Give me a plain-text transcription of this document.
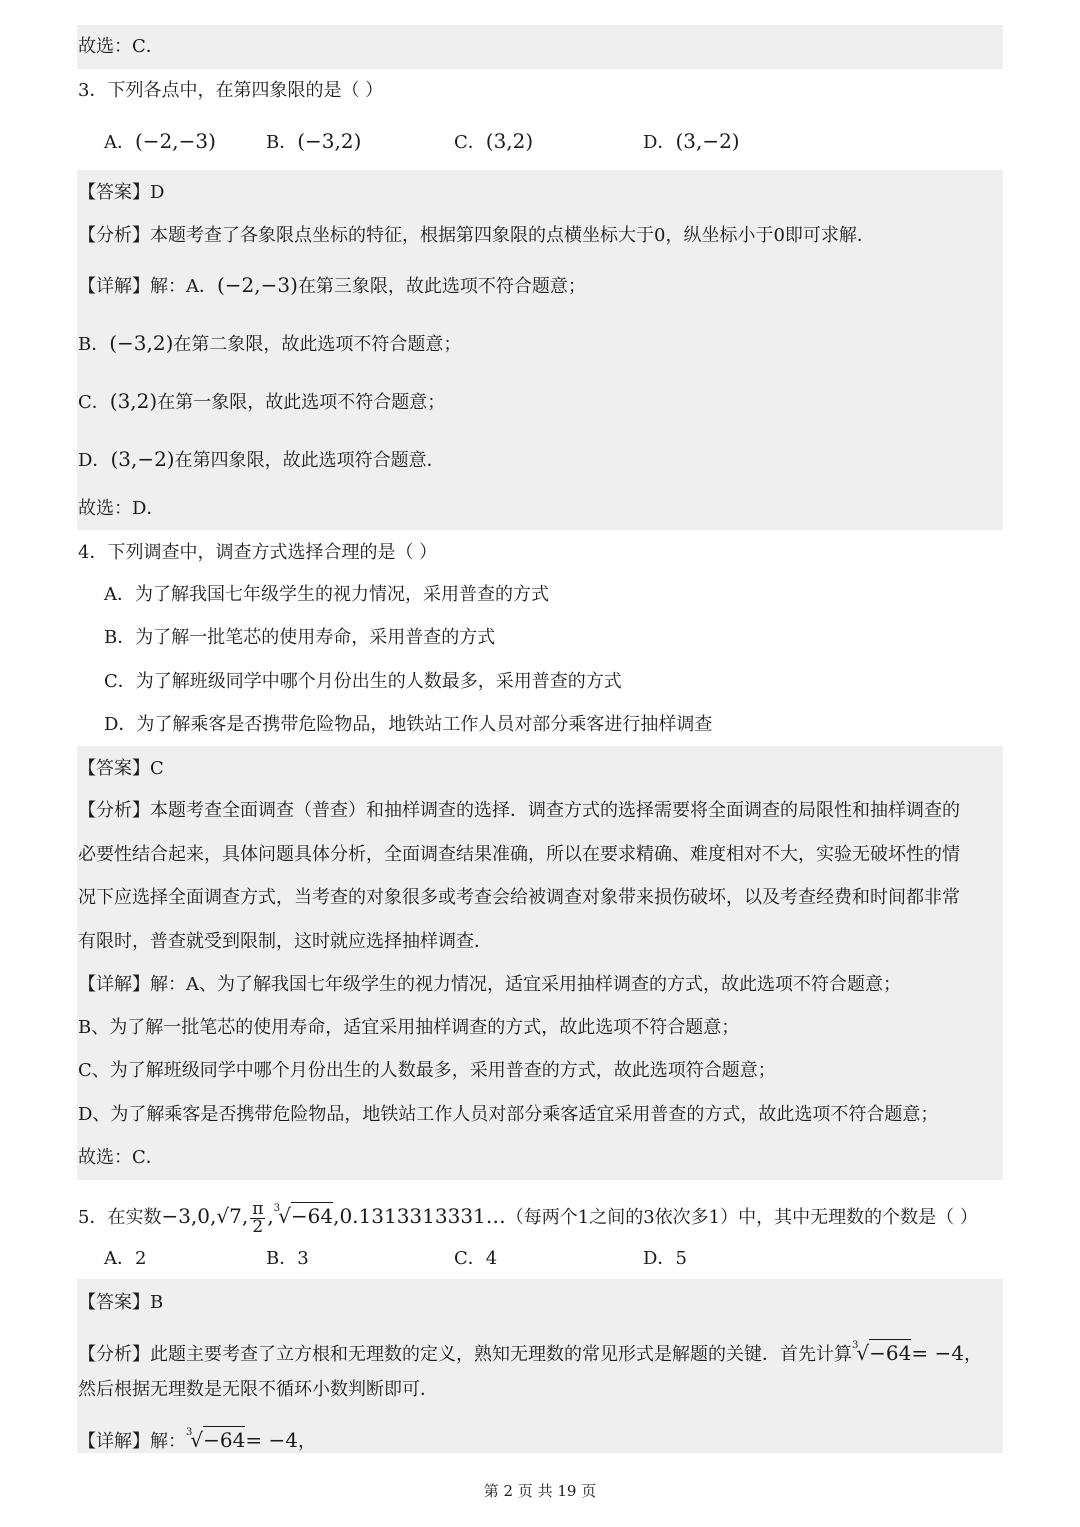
故选：C．
3．下列各点中，在第四象限的是（ ）
A．(−2,−3)	B．(−3,2)	C．(3,2)	D．(3,−2)
【答案】D
【分析】本题考查了各象限点坐标的特征，根据第四象限的点横坐标大于0，纵坐标小于0即可求解．
【详解】解：A．(−2,−3)在第三象限，故此选项不符合题意；
B．(−3,2)在第二象限，故此选项不符合题意；
C．(3,2)在第一象限，故此选项不符合题意；
D．(3,−2)在第四象限，故此选项符合题意．
故选：D．
4．下列调查中，调查方式选择合理的是（ ）
A．为了解我国七年级学生的视力情况，采用普查的方式
B．为了解一批笔芯的使用寿命，采用普查的方式
C．为了解班级同学中哪个月份出生的人数最多，采用普查的方式
D．为了解乘客是否携带危险物品，地铁站工作人员对部分乘客进行抽样调查
【答案】C
【分析】本题考查全面调查（普查）和抽样调查的选择．调查方式的选择需要将全面调查的局限性和抽样调查的
必要性结合起来，具体问题具体分析，全面调查结果准确，所以在要求精确、难度相对不大，实验无破坏性的情
况下应选择全面调查方式，当考查的对象很多或考查会给被调查对象带来损伤破坏，以及考查经费和时间都非常
有限时，普查就受到限制，这时就应选择抽样调查．
【详解】解：A、为了解我国七年级学生的视力情况，适宜采用抽样调查的方式，故此选项不符合题意；
B、为了解一批笔芯的使用寿命，适宜采用抽样调查的方式，故此选项不符合题意；
C、为了解班级同学中哪个月份出生的人数最多，采用普查的方式，故此选项符合题意；
D、为了解乘客是否携带危险物品，地铁站工作人员对部分乘客适宜采用普查的方式，故此选项不符合题意；
故选：C．
5．在实数−3,0,√7, $\frac{\pi}{2}$ ,$^3$√−64,0.1313313331…（每两个1之间的3依次多1）中，其中无理数的个数是（ ）
A．2	B．3	C．4	D．5
【答案】B
【分析】此题主要考查了立方根和无理数的定义，熟知无理数的常见形式是解题的关键．首先计算$^3$√−64= −4，
然后根据无理数是无限不循环小数判断即可．
【详解】解：$^3$√−64= −4，
第 2 页 共 19 页
